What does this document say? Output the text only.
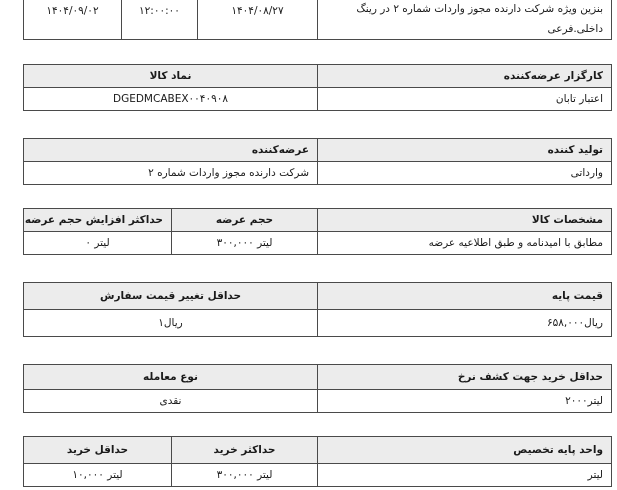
بنزین ویژه شرکت دارنده مجوز واردات شماره ۲ در رینگ
داخلی.فرعی	۱۴۰۴/۰۸/۲۷	۱۲:۰۰:۰۰	۱۴۰۴/۰۹/۰۲
کارگزار عرضه‌کننده	نماد کالا
اعتبار تابان	DGEDMCABEX۰۰۴۰۹۰۸
تولید کننده	عرضه‌کننده
وارداتی	شرکت دارنده مجوز واردات شماره ۲
مشخصات کالا	حجم عرضه	حداکثر افزایش حجم عرضه
مطابق با امیدنامه و طبق اطلاعیه عرضه	لیتر ۳۰۰,۰۰۰	لیتر ۰
قیمت پایه	حداقل تغییر قیمت سفارش
ریال۶۵۸,۰۰۰	ریال۱
حداقل خرید جهت کشف نرخ	نوع معامله
لیتر۲۰۰۰	نقدی
واحد پایه تخصیص	حداکثر خرید	حداقل خرید
لیتر	لیتر ۳۰۰,۰۰۰	لیتر ۱۰,۰۰۰
